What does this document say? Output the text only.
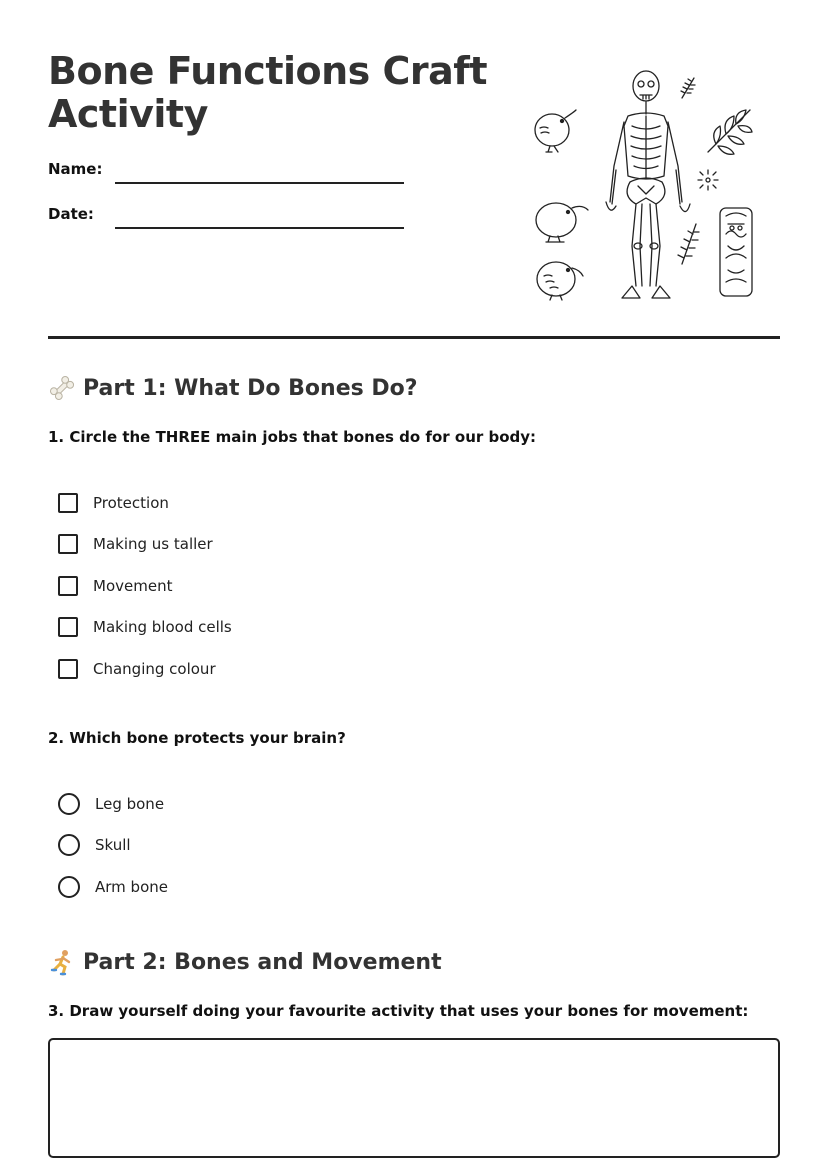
Bone Functions Craft Activity
Name:
Date:
Part 1: What Do Bones Do?
1. Circle the THREE main jobs that bones do for our body:
Protection
Making us taller
Movement
Making blood cells
Changing colour
2. Which bone protects your brain?
Leg bone
Skull
Arm bone
Part 2: Bones and Movement
3. Draw yourself doing your favourite activity that uses your bones for movement:
